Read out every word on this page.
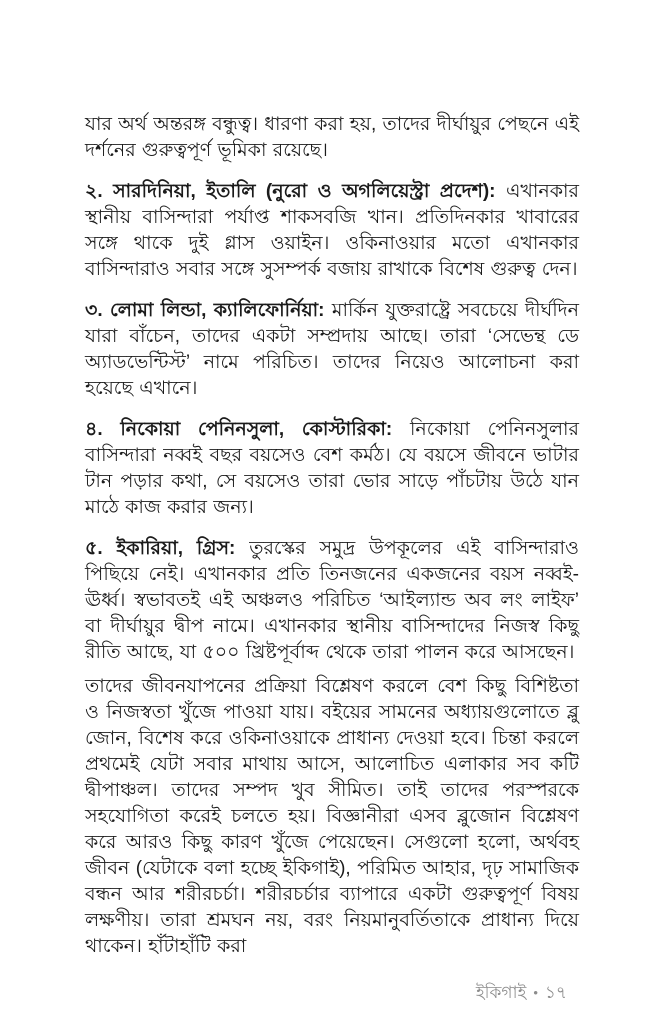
যার অর্থ অন্তরঙ্গ বন্ধুত্ব। ধারণা করা হয়, তাদের দীর্ঘায়ুর পেছনে এই দর্শনের গুরুত্বপূর্ণ ভূমিকা রয়েছে।

২. সারদিনিয়া, ইতালি (নুরো ও অগলিয়েস্ট্রা প্রদেশ): এখানকার স্থানীয় বাসিন্দারা পর্যাপ্ত শাকসবজি খান। প্রতিদিনকার খাবারের সঙ্গে থাকে দুই গ্লাস ওয়াইন। ওকিনাওয়ার মতো এখানকার বাসিন্দারাও সবার সঙ্গে সুসম্পর্ক বজায় রাখাকে বিশেষ গুরুত্ব দেন।

৩. লোমা লিন্ডা, ক্যালিফোর্নিয়া: মার্কিন যুক্তরাষ্ট্রে সবচেয়ে দীর্ঘদিন যারা বাঁচেন, তাদের একটা সম্প্রদায় আছে। তারা ‘সেভেন্থ ডে অ্যাডভেন্টিস্ট’ নামে পরিচিত। তাদের নিয়েও আলোচনা করা হয়েছে এখানে।

৪. নিকোয়া পেনিনসুলা, কোস্টারিকা: নিকোয়া পেনিনসুলার বাসিন্দারা নব্বই বছর বয়সেও বেশ কর্মঠ। যে বয়সে জীবনে ভাটার টান পড়ার কথা, সে বয়সেও তারা ভোর সাড়ে পাঁচটায় উঠে যান মাঠে কাজ করার জন্য।

৫. ইকারিয়া, গ্রিস: তুরস্কের সমুদ্র উপকূলের এই বাসিন্দারাও পিছিয়ে নেই। এখানকার প্রতি তিনজনের একজনের বয়স নব্বই-ঊর্ধ্ব। স্বভাবতই এই অঞ্চলও পরিচিত ‘আইল্যান্ড অব লং লাইফ’ বা দীর্ঘায়ুর দ্বীপ নামে। এখানকার স্থানীয় বাসিন্দাদের নিজস্ব কিছু রীতি আছে, যা ৫০০ খ্রিষ্টপূর্বাব্দ থেকে তারা পালন করে আসছেন।

তাদের জীবনযাপনের প্রক্রিয়া বিশ্লেষণ করলে বেশ কিছু বিশিষ্টতা ও নিজস্বতা খুঁজে পাওয়া যায়। বইয়ের সামনের অধ্যায়গুলোতে ব্লু জোন, বিশেষ করে ওকিনাওয়াকে প্রাধান্য দেওয়া হবে। চিন্তা করলে প্রথমেই যেটা সবার মাথায় আসে, আলোচিত এলাকার সব কটি দ্বীপাঞ্চল। তাদের সম্পদ খুব সীমিত। তাই তাদের পরস্পরকে সহযোগিতা করেই চলতে হয়। বিজ্ঞানীরা এসব ব্লুজোন বিশ্লেষণ করে আরও কিছু কারণ খুঁজে পেয়েছেন। সেগুলো হলো, অর্থবহ জীবন (যেটাকে বলা হচ্ছে ইকিগাই), পরিমিত আহার, দৃঢ় সামাজিক বন্ধন আর শরীরচর্চা। শরীরচর্চার ব্যাপারে একটা গুরুত্বপূর্ণ বিষয় লক্ষণীয়। তারা শ্রমঘন নয়, বরং নিয়মানুবর্তিতাকে প্রাধান্য দিয়ে থাকেন। হাঁটাহাঁটি করা

ইকিগাই • ১৭
